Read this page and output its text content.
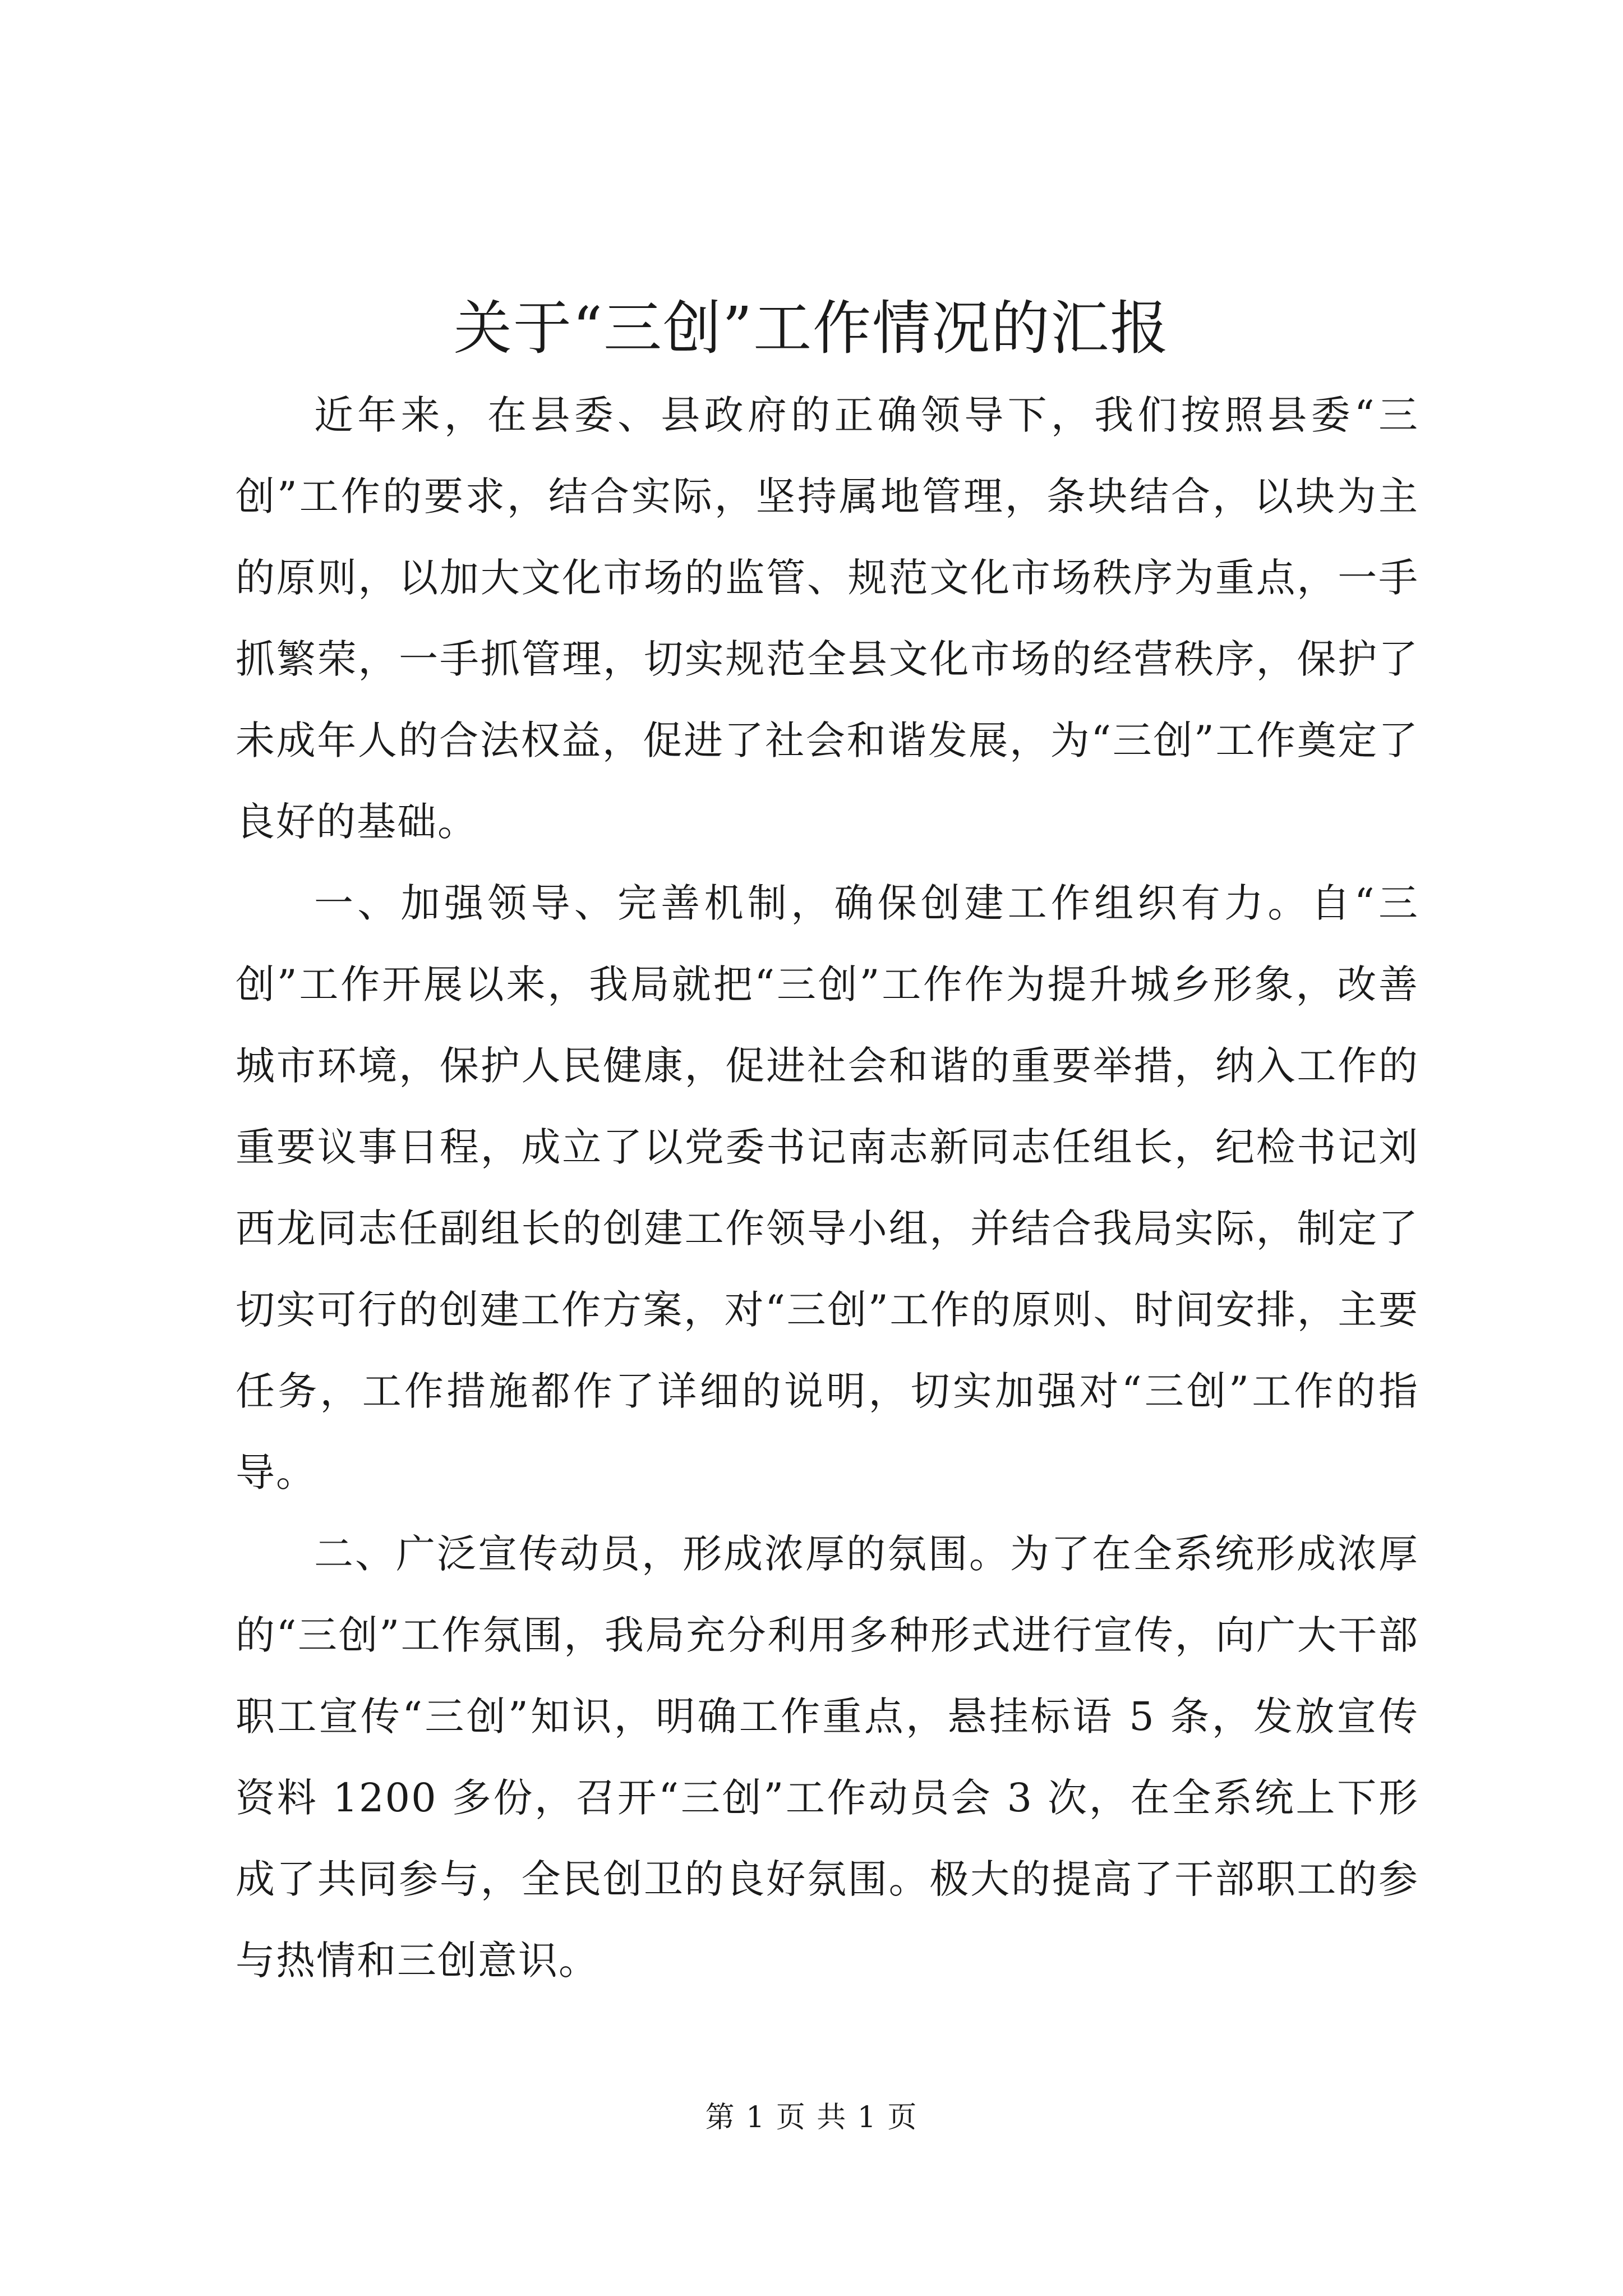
关于“三创”工作情况的汇报

近年来，在县委、县政府的正确领导下，我们按照县委“三创”工作的要求，结合实际，坚持属地管理，条块结合，以块为主的原则，以加大文化市场的监管、规范文化市场秩序为重点，一手抓繁荣，一手抓管理，切实规范全县文化市场的经营秩序，保护了未成年人的合法权益，促进了社会和谐发展，为“三创”工作奠定了良好的基础。

一、加强领导、完善机制，确保创建工作组织有力。自“三创”工作开展以来，我局就把“三创”工作作为提升城乡形象，改善城市环境，保护人民健康，促进社会和谐的重要举措，纳入工作的重要议事日程，成立了以党委书记南志新同志任组长，纪检书记刘西龙同志任副组长的创建工作领导小组，并结合我局实际，制定了切实可行的创建工作方案，对“三创”工作的原则、时间安排，主要任务，工作措施都作了详细的说明，切实加强对“三创”工作的指导。

二、广泛宣传动员，形成浓厚的氛围。为了在全系统形成浓厚的“三创”工作氛围，我局充分利用多种形式进行宣传，向广大干部职工宣传“三创”知识，明确工作重点，悬挂标语 5 条，发放宣传资料 1200 多份，召开“三创”工作动员会 3 次，在全系统上下形成了共同参与，全民创卫的良好氛围。极大的提高了干部职工的参与热情和三创意识。

第 1 页 共 1 页
